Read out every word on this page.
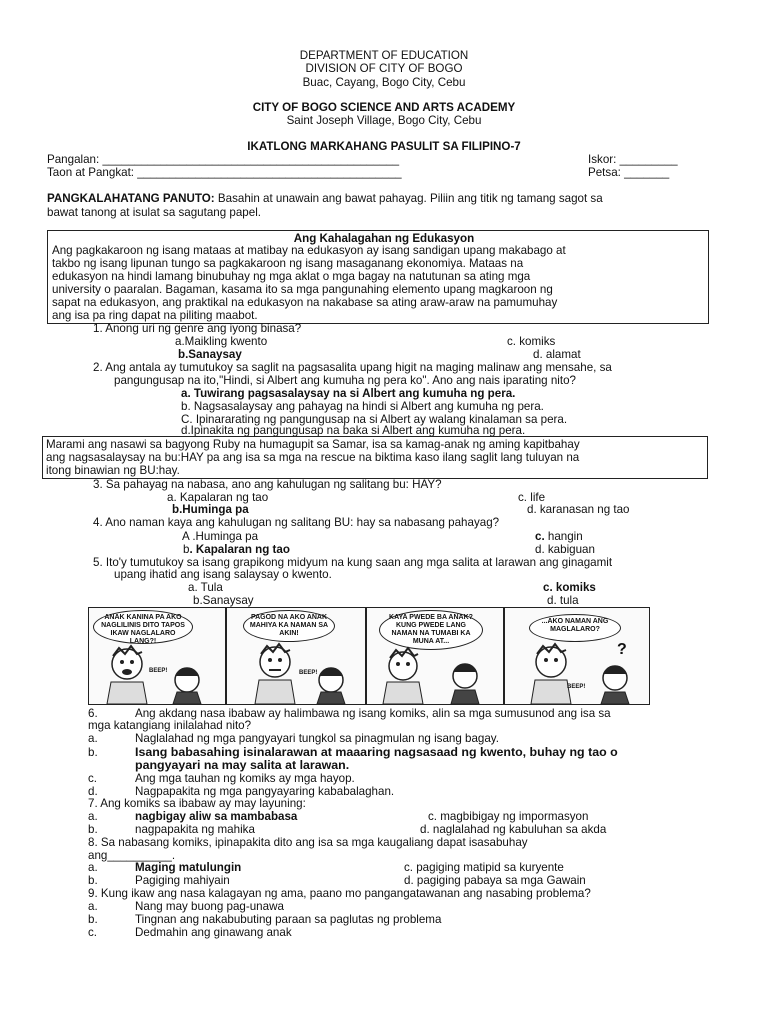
DEPARTMENT OF EDUCATION
DIVISION OF CITY OF BOGO
Buac, Cayang, Bogo City, Cebu
CITY OF BOGO SCIENCE AND ARTS ACADEMY
Saint Joseph Village, Bogo City, Cebu
IKATLONG MARKAHANG PASULIT SA FILIPINO-7
Pangalan: ______________________________________________
Taon at Pangkat: _________________________________________
Iskor: _________
Petsa: _______
PANGKALAHATANG PANUTO: Basahin at unawain ang bawat pahayag. Piliin ang titik ng tamang sagot sa
bawat tanong at isulat sa sagutang papel.
Ang Kahalagahan ng Edukasyon
Ang pagkakaroon ng isang mataas at matibay na edukasyon ay isang sandigan upang makabago at
takbo ng isang lipunan tungo sa pagkakaroon ng isang masaganang ekonomiya. Mataas na
edukasyon na hindi lamang binubuhay ng mga aklat o mga bagay na natutunan sa ating mga
university o paaralan. Bagaman, kasama ito sa mga pangunahing elemento upang magkaroon ng
sapat na edukasyon, ang praktikal na edukasyon na nakabase sa ating araw-araw na pamumuhay
ang isa pa ring dapat na piliting maabot.
1. Anong uri ng genre ang iyong binasa?
a.Maikling kwento	c. komiks
b.Sanaysay	d. alamat
2. Ang antala ay tumutukoy sa saglit na pagsasalita upang higit na maging malinaw ang mensahe, sa
pangungusap na ito,"Hindi, si Albert ang kumuha ng pera ko". Ano ang nais iparating nito?
a. Tuwirang pagsasalaysay na si Albert ang kumuha ng pera.
b. Nagsasalaysay ang pahayag na hindi si Albert ang kumuha ng pera.
C. Ipinararating ng pangungusap na si Albert ay walang kinalaman sa pera.
d.Ipinakita ng pangungusap na baka si Albert ang kumuha ng pera.
Marami ang nasawi sa bagyong Ruby na humagupit sa Samar, isa sa kamag-anak ng aming kapitbahay
ang nagsasalaysay na bu:HAY pa ang isa sa mga na rescue na biktima kaso ilang saglit lang tuluyan na
itong binawian ng BU:hay.
3. Sa pahayag na nabasa, ano ang kahulugan ng salitang bu: HAY?
a. Kapalaran ng tao	c. life
b.Huminga pa	d. karanasan ng tao
4. Ano naman kaya ang kahulugan ng salitang BU: hay sa nabasang pahayag?
A .Huminga pa	c. hangin
b. Kapalaran ng tao	d. kabiguan
5. Ito'y tumutukoy sa isang grapikong midyum na kung saan ang mga salita at larawan ang ginagamit
upang ihatid ang isang salaysay o kwento.
a. Tula	c. komiks
b.Sanaysay	d. tula
ANAK KANINA PA AKO NAGLILINIS DITO TAPOS IKAW NAGLALARO LANG?!
BEEP!
PAGOD NA AKO ANAK MAHIYA KA NAMAN SA AKIN!
BEEP!
KAYA PWEDE BA ANAK? KUNG PWEDE LANG NAMAN NA TUMABI KA MUNA AT...
...AKO NAMAN ANG MAGLALARO?
?
BEEP!
6.	Ang akdang nasa ibabaw ay halimbawa ng isang komiks, alin sa mga sumusunod ang isa sa
mga katangiang inilalahad nito?
a.	Naglalahad ng mga pangyayari tungkol sa pinagmulan ng isang bagay.
b.	Isang babasahing isinalarawan at maaaring nagsasaad ng kwento, buhay ng tao o
pangyayari na may salita at larawan.
c.	Ang mga tauhan ng komiks ay mga hayop.
d.	Nagpapakita ng mga pangyayaring kababalaghan.
7. Ang komiks sa ibabaw ay may layuning:
a.	nagbigay aliw sa mambabasa	c. magbibigay ng impormasyon
b.	nagpapakita ng mahika	d. naglalahad ng kabuluhan sa akda
8. Sa nabasang komiks, ipinapakita dito ang isa sa mga kaugaliang dapat isasabuhay
ang__________.
a.	Maging matulungin	c. pagiging matipid sa kuryente
b.	Pagiging mahiyain	d. pagiging pabaya sa mga Gawain
9. Kung ikaw ang nasa kalagayan ng ama, paano mo pangangatawanan ang nasabing problema?
a.	Nang may buong pag-unawa
b.	Tingnan ang nakabubuting paraan sa paglutas ng problema
c.	Dedmahin ang ginawang anak
